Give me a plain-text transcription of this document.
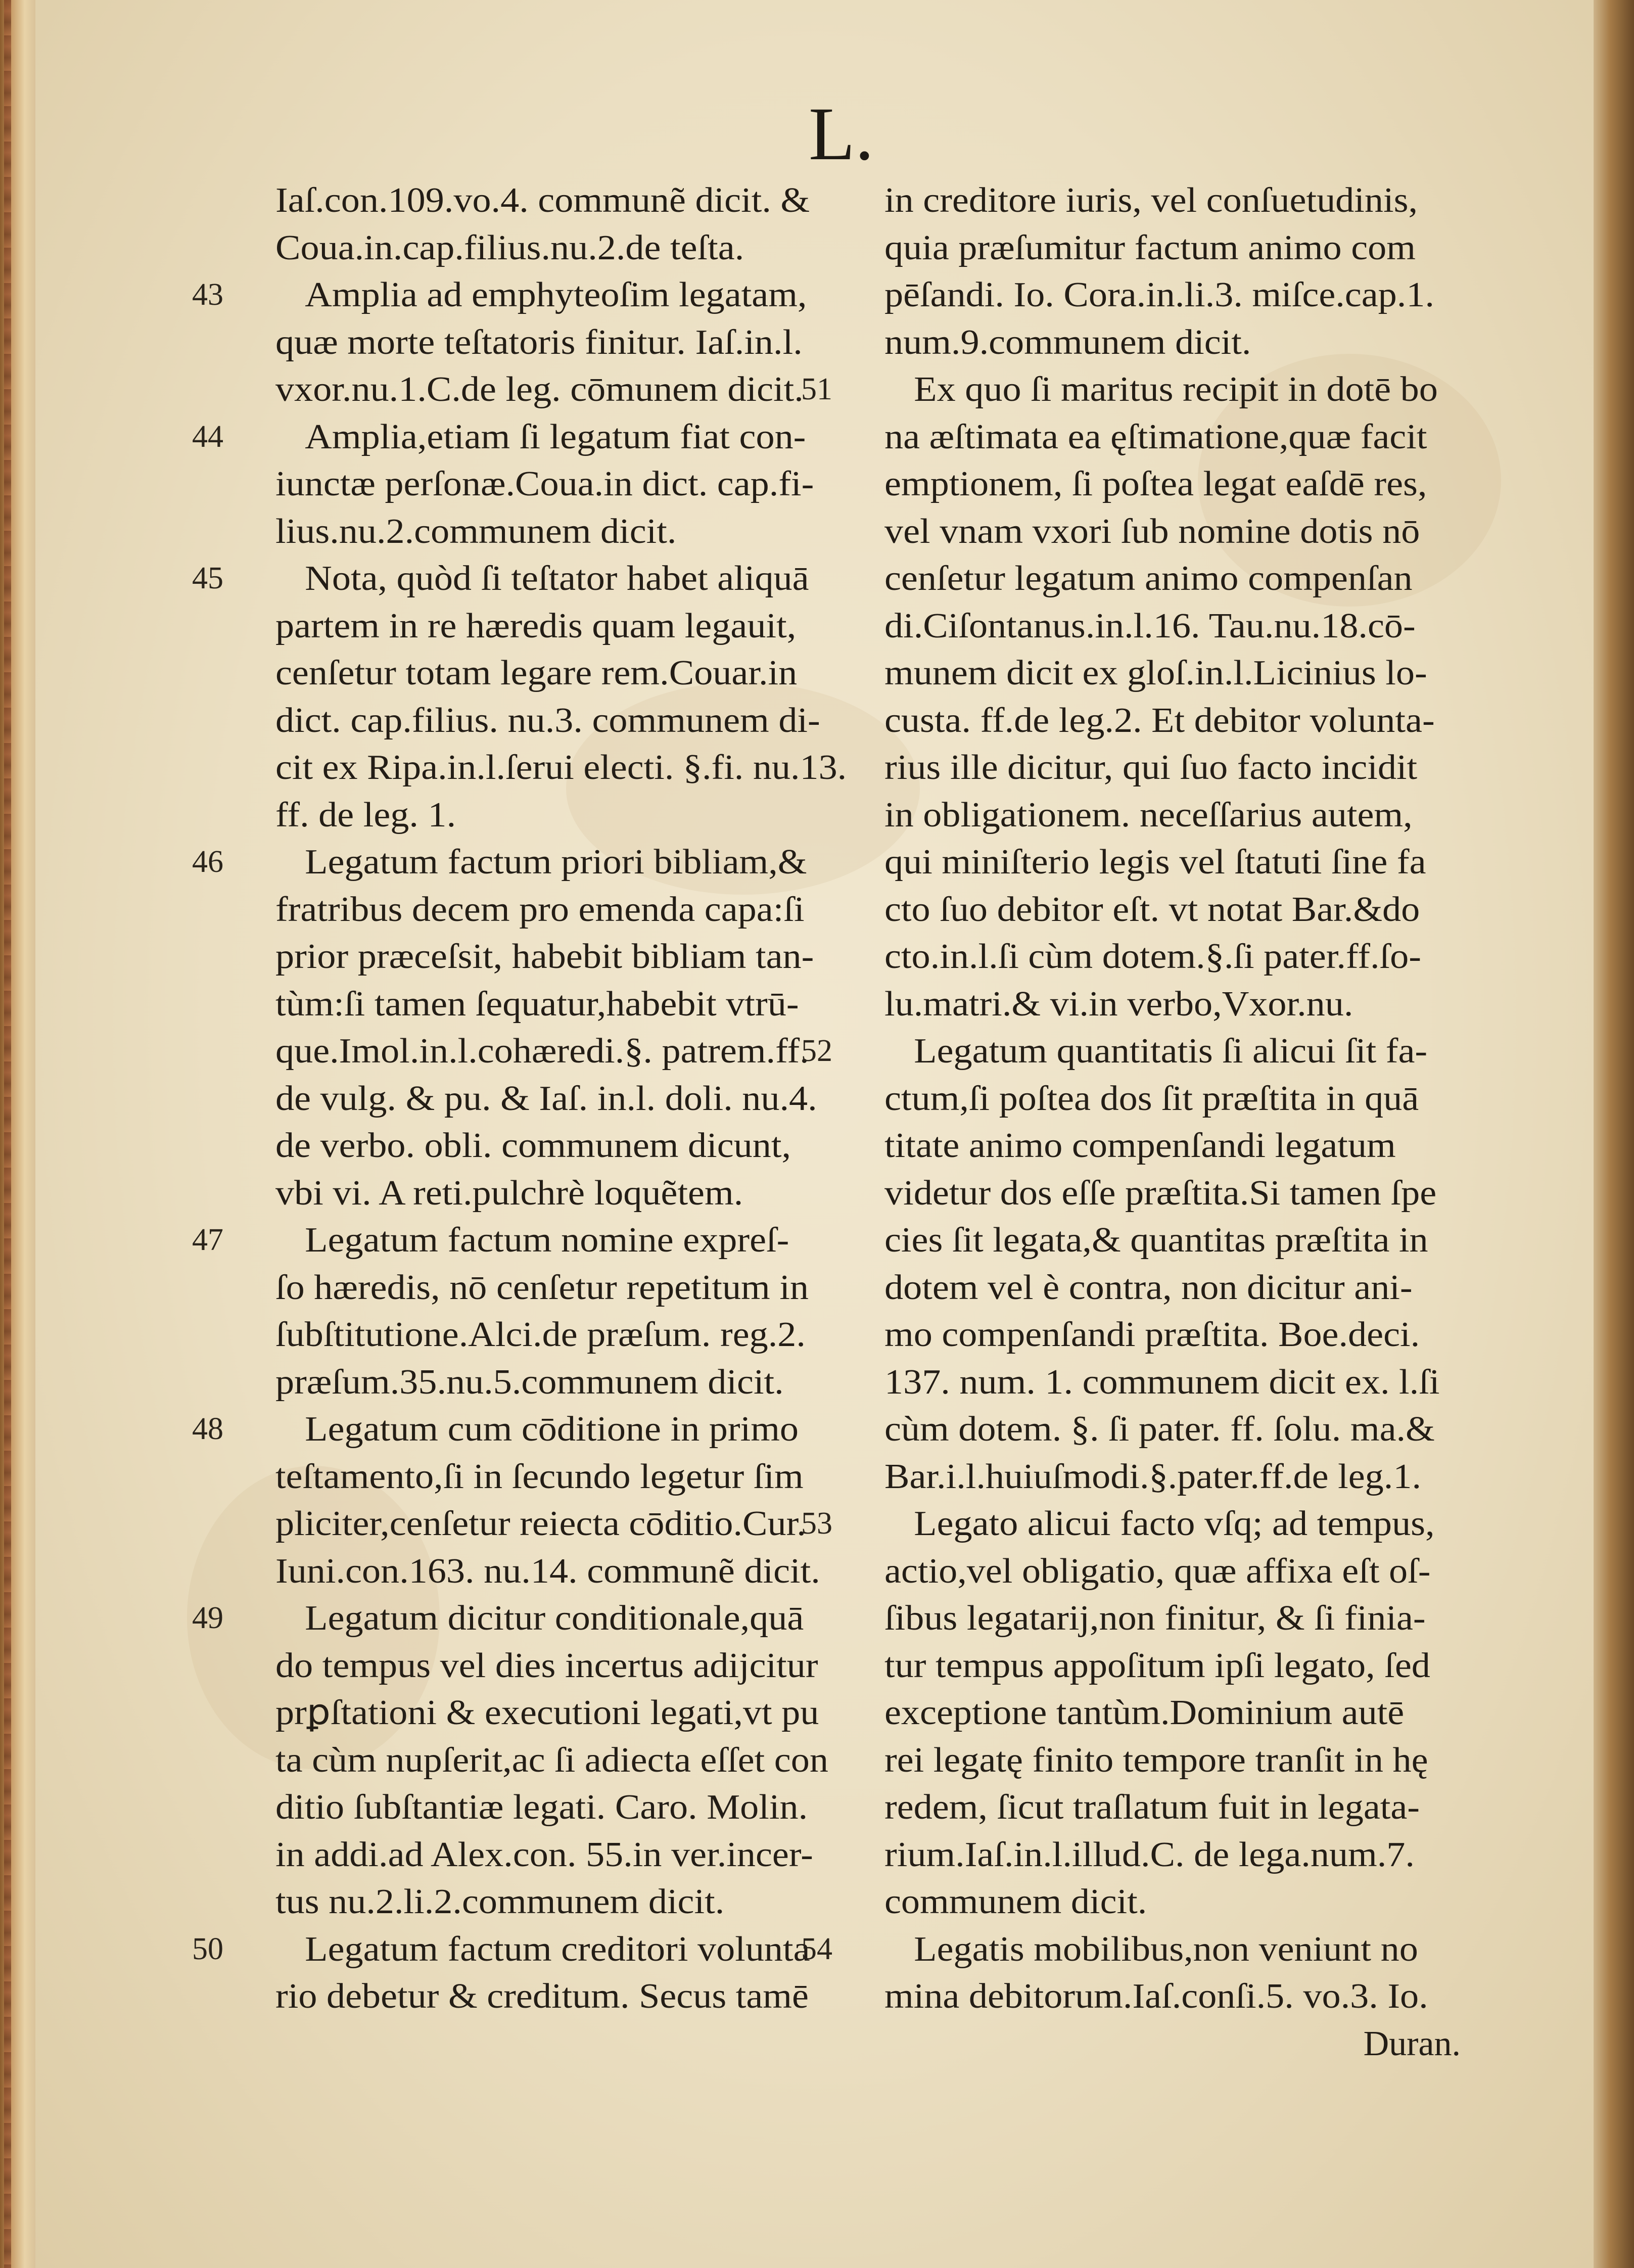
L.
Iaſ.con.109.vo.4. communẽ dicit. &
Coua.in.cap.filius.nu.2.de teſta.
43	Amplia ad emphyteoſim legatam,
quæ morte teſtatoris finitur. Iaſ.in.l.
vxor.nu.1.C.de leg. cōmunem dicit.
44	Amplia,etiam ſi legatum fiat con-
iunctæ perſonæ.Coua.in dict. cap.fi-
lius.nu.2.communem dicit.
45	Nota, quòd ſi teſtator habet aliquā
partem in re hæredis quam legauit,
cenſetur totam legare rem.Couar.in
dict. cap.filius. nu.3. communem di-
cit ex Ripa.in.l.ſerui electi. §.fi. nu.13.
ff. de leg. 1.
46	Legatum factum priori bibliam,&
fratribus decem pro emenda capa:ſi
prior præceſsit, habebit bibliam tan-
tùm:ſi tamen ſequatur,habebit vtrū-
que.Imol.in.l.cohæredi.§. patrem.ff.
de vulg. & pu. & Iaſ. in.l. doli. nu.4.
de verbo. obli. communem dicunt,
vbi vi. A reti.pulchrè loquẽtem.
47	Legatum factum nomine expreſ-
ſo hæredis, nō cenſetur repetitum in
ſubſtitutione.Alci.de præſum. reg.2.
præſum.35.nu.5.communem dicit.
48	Legatum cum cōditione in primo
teſtamento,ſi in ſecundo legetur ſim
pliciter,cenſetur reiecta cōditio.Cur.
Iuni.con.163. nu.14. communẽ dicit.
49	Legatum dicitur conditionale,quā
do tempus vel dies incertus adijcitur
prꝑſtationi & executioni legati,vt pu
ta cùm nupſerit,ac ſi adiecta eſſet con
ditio ſubſtantiæ legati. Caro. Molin.
in addi.ad Alex.con. 55.in ver.incer-
tus nu.2.li.2.communem dicit.
50	Legatum factum creditori volunta
rio debetur & creditum. Secus tamē
in creditore iuris, vel conſuetudinis,
quia præſumitur factum animo com
pēſandi. Io. Cora.in.li.3. miſce.cap.1.
num.9.communem dicit.
51	Ex quo ſi maritus recipit in dotē bo
na æſtimata ea ęſtimatione,quæ facit
emptionem, ſi poſtea legat eaſdē res,
vel vnam vxori ſub nomine dotis nō
cenſetur legatum animo compenſan
di.Ciſontanus.in.l.16. Tau.nu.18.cō-
munem dicit ex gloſ.in.l.Licinius lo-
custa. ff.de leg.2. Et debitor volunta-
rius ille dicitur, qui ſuo facto incidit
in obligationem. neceſſarius autem,
qui miniſterio legis vel ſtatuti ſine fa
cto ſuo debitor eſt. vt notat Bar.&do
cto.in.l.ſi cùm dotem.§.ſi pater.ff.ſo-
lu.matri.& vi.in verbo,Vxor.nu.
52	Legatum quantitatis ſi alicui ſit fa-
ctum,ſi poſtea dos ſit præſtita in quā
titate animo compenſandi legatum
videtur dos eſſe præſtita.Si tamen ſpe
cies ſit legata,& quantitas præſtita in
dotem vel è contra, non dicitur ani-
mo compenſandi præſtita. Boe.deci.
137. num. 1. communem dicit ex. l.ſi
cùm dotem. §. ſi pater. ff. ſolu. ma.&
Bar.i.l.huiuſmodi.§.pater.ff.de leg.1.
53	Legato alicui facto vſq; ad tempus,
actio,vel obligatio, quæ affixa eſt oſ-
ſibus legatarij,non finitur, & ſi finia-
tur tempus appoſitum ipſi legato, ſed
exceptione tantùm.Dominium autē
rei legatę finito tempore tranſit in hę
redem, ſicut traſlatum fuit in legata-
rium.Iaſ.in.l.illud.C. de lega.num.7.
communem dicit.
54	Legatis mobilibus,non veniunt no
mina debitorum.Iaſ.conſi.5. vo.3. Io.
Duran.
